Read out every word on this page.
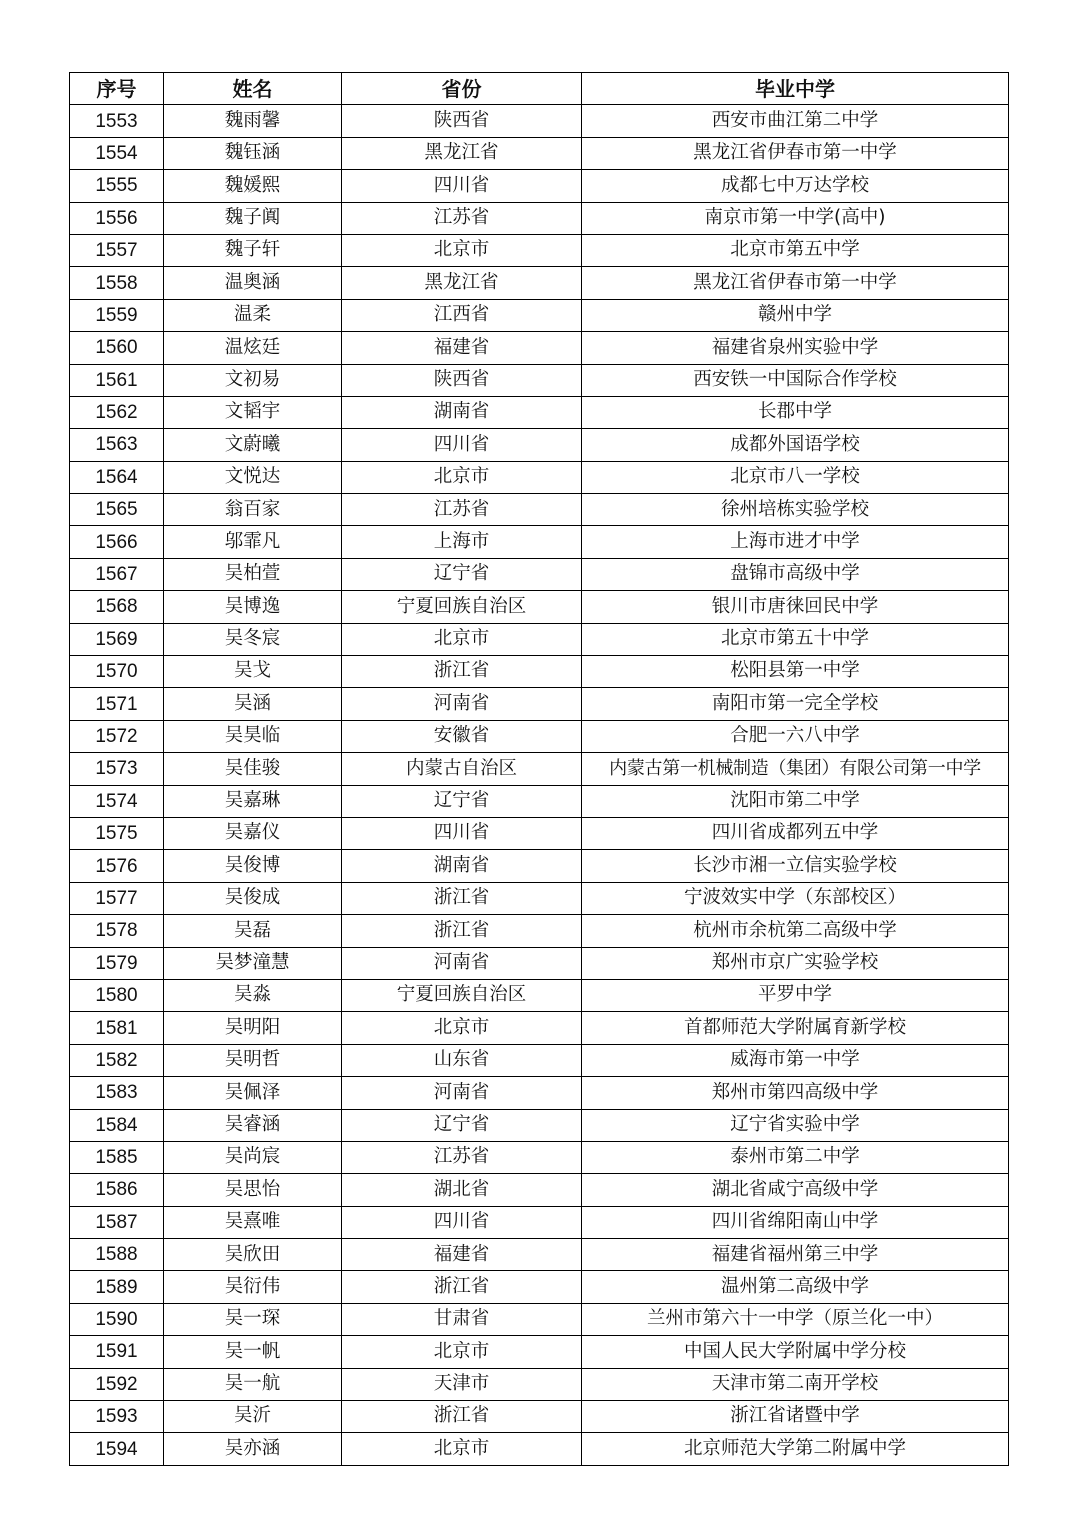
序号	姓名	省份	毕业中学
1553	魏雨馨	陕西省	西安市曲江第二中学
1554	魏钰涵	黑龙江省	黑龙江省伊春市第一中学
1555	魏媛熙	四川省	成都七中万达学校
1556	魏子阗	江苏省	南京市第一中学(高中)
1557	魏子轩	北京市	北京市第五中学
1558	温奥涵	黑龙江省	黑龙江省伊春市第一中学
1559	温柔	江西省	赣州中学
1560	温炫廷	福建省	福建省泉州实验中学
1561	文初易	陕西省	西安铁一中国际合作学校
1562	文韬宇	湖南省	长郡中学
1563	文蔚曦	四川省	成都外国语学校
1564	文悦达	北京市	北京市八一学校
1565	翁百家	江苏省	徐州培栋实验学校
1566	邬霏凡	上海市	上海市进才中学
1567	吴柏萱	辽宁省	盘锦市高级中学
1568	吴博逸	宁夏回族自治区	银川市唐徕回民中学
1569	吴冬宸	北京市	北京市第五十中学
1570	吴戈	浙江省	松阳县第一中学
1571	吴涵	河南省	南阳市第一完全学校
1572	吴昊临	安徽省	合肥一六八中学
1573	吴佳骏	内蒙古自治区	内蒙古第一机械制造（集团）有限公司第一中学
1574	吴嘉琳	辽宁省	沈阳市第二中学
1575	吴嘉仪	四川省	四川省成都列五中学
1576	吴俊博	湖南省	长沙市湘一立信实验学校
1577	吴俊成	浙江省	宁波效实中学（东部校区）
1578	吴磊	浙江省	杭州市余杭第二高级中学
1579	吴梦潼慧	河南省	郑州市京广实验学校
1580	吴淼	宁夏回族自治区	平罗中学
1581	吴明阳	北京市	首都师范大学附属育新学校
1582	吴明哲	山东省	威海市第一中学
1583	吴佩泽	河南省	郑州市第四高级中学
1584	吴睿涵	辽宁省	辽宁省实验中学
1585	吴尚宸	江苏省	泰州市第二中学
1586	吴思怡	湖北省	湖北省咸宁高级中学
1587	吴熹唯	四川省	四川省绵阳南山中学
1588	吴欣田	福建省	福建省福州第三中学
1589	吴衍伟	浙江省	温州第二高级中学
1590	吴一琛	甘肃省	兰州市第六十一中学（原兰化一中）
1591	吴一帆	北京市	中国人民大学附属中学分校
1592	吴一航	天津市	天津市第二南开学校
1593	吴沂	浙江省	浙江省诸暨中学
1594	吴亦涵	北京市	北京师范大学第二附属中学
